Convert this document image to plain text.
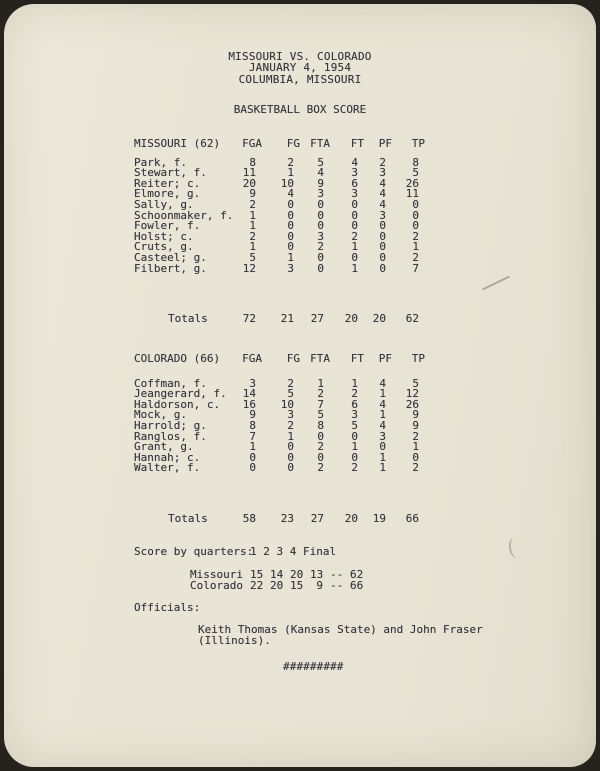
MISSOURI VS. COLORADO
JANUARY 4, 1954
COLUMBIA, MISSOURI
BASKETBALL BOX SCORE
MISSOURI (62)	FGA	FG FTA	FT	PF	TP
Park, f.	8	2	5	4	2	8
Stewart, f.	11	1	4	3	3	5
Reiter; c.	20	10	9	6	4	26
Elmore, g.	9	4	3	3	4	11
Sally, g.	2	0	0	0	4	0
Schoonmaker, f.	1	0	0	0	3	0
Fowler, f.	1	0	0	0	0	0
Holst; c.	2	0	3	2	0	2
Cruts, g.	1	0	2	1	0	1
Casteel; g.	5	1	0	0	0	2
Filbert, g.	12	3	0	1	0	7
Totals	72	21	27	20	20	62
COLORADO (66)	FGA	FG FTA	FT	PF	TP
Coffman, f.	3	2	1	1	4	5
Jeangerard, f.	14	5	2	2	1	12
Haldorson, c.	16	10	7	6	4	26
Mock, g.	9	3	5	3	1	9
Harrold; g.	8	2	8	5	4	9
Ranglos, f.	7	1	0	0	3	2
Grant, g.	1	0	2	1	0	1
Hannah; c.	0	0	0	0	1	0
Walter, f.	0	0	2	2	1	2
Totals	58	23	27	20	19	66
Score by quarters:
1 2 3 4 Final
Missouri 15 14 20 13 -- 62
Colorado 22 20 15	9 -- 66
Officials:
Keith Thomas (Kansas State) and John Fraser
(Illinois).
#########
